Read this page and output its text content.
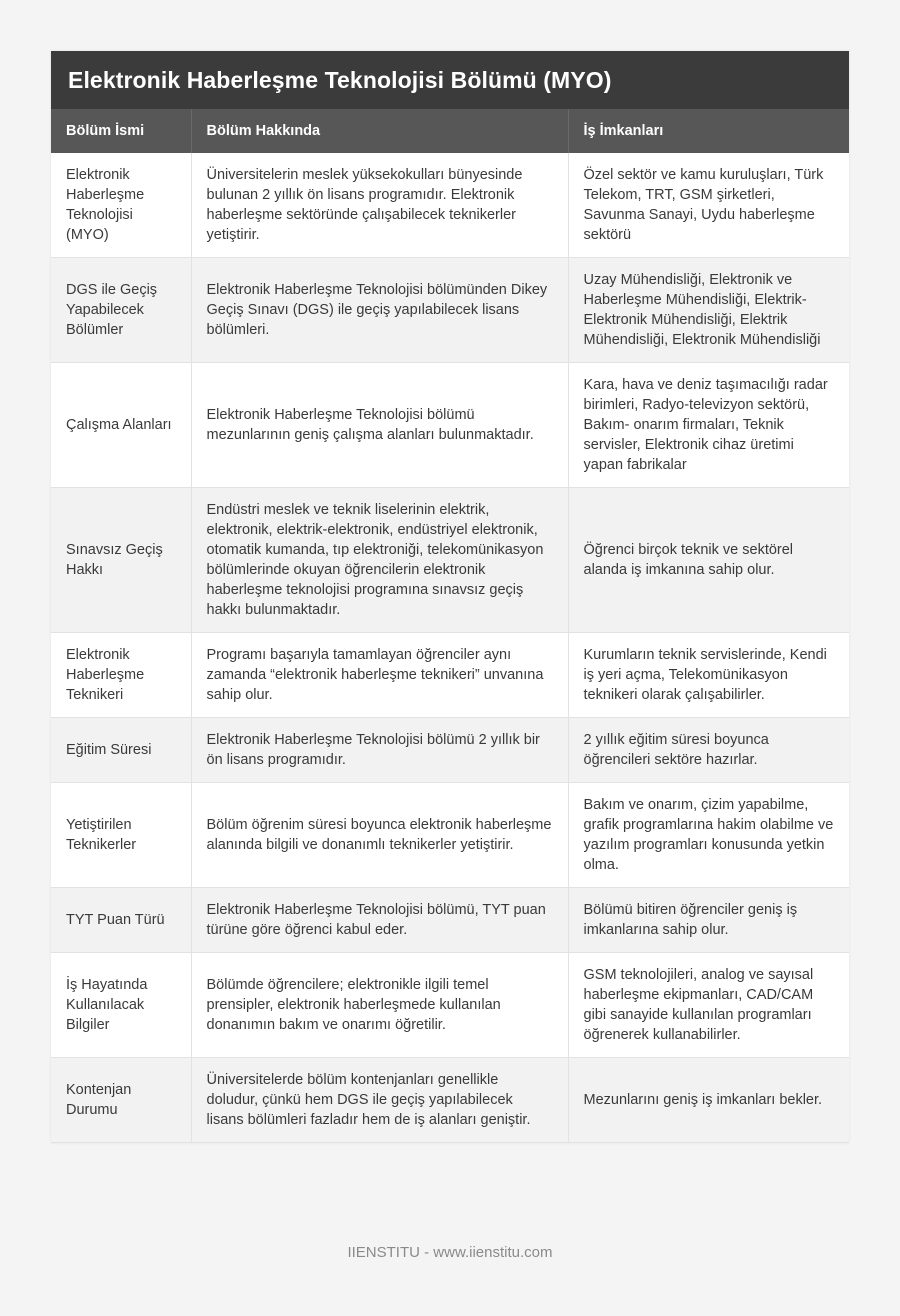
Elektronik Haberleşme Teknolojisi Bölümü (MYO)
Bölüm İsmi	Bölüm Hakkında	İş İmkanları
Elektronik Haberleşme Teknolojisi (MYO)	Üniversitelerin meslek yüksekokulları bünyesinde bulunan 2 yıllık ön lisans programıdır. Elektronik haberleşme sektöründe çalışabilecek teknikerler yetiştirir.	Özel sektör ve kamu kuruluşları, Türk Telekom, TRT, GSM şirketleri, Savunma Sanayi, Uydu haberleşme sektörü
DGS ile Geçiş Yapabilecek Bölümler	Elektronik Haberleşme Teknolojisi bölümünden Dikey Geçiş Sınavı (DGS) ile geçiş yapılabilecek lisans bölümleri.	Uzay Mühendisliği, Elektronik ve Haberleşme Mühendisliği, Elektrik-Elektronik Mühendisliği, Elektrik Mühendisliği, Elektronik Mühendisliği
Çalışma Alanları	Elektronik Haberleşme Teknolojisi bölümü mezunlarının geniş çalışma alanları bulunmaktadır.	Kara, hava ve deniz taşımacılığı radar birimleri, Radyo-televizyon sektörü, Bakım- onarım firmaları, Teknik servisler, Elektronik cihaz üretimi yapan fabrikalar
Sınavsız Geçiş Hakkı	Endüstri meslek ve teknik liselerinin elektrik, elektronik, elektrik-elektronik, endüstriyel elektronik, otomatik kumanda, tıp elektroniği, telekomünikasyon bölümlerinde okuyan öğrencilerin elektronik haberleşme teknolojisi programına sınavsız geçiş hakkı bulunmaktadır.	Öğrenci birçok teknik ve sektörel alanda iş imkanına sahip olur.
Elektronik Haberleşme Teknikeri	Programı başarıyla tamamlayan öğrenciler aynı zamanda “elektronik haberleşme teknikeri” unvanına sahip olur.	Kurumların teknik servislerinde, Kendi iş yeri açma, Telekomünikasyon teknikeri olarak çalışabilirler.
Eğitim Süresi	Elektronik Haberleşme Teknolojisi bölümü 2 yıllık bir ön lisans programıdır.	2 yıllık eğitim süresi boyunca öğrencileri sektöre hazırlar.
Yetiştirilen Teknikerler	Bölüm öğrenim süresi boyunca elektronik haberleşme alanında bilgili ve donanımlı teknikerler yetiştirir.	Bakım ve onarım, çizim yapabilme, grafik programlarına hakim olabilme ve yazılım programları konusunda yetkin olma.
TYT Puan Türü	Elektronik Haberleşme Teknolojisi bölümü, TYT puan türüne göre öğrenci kabul eder.	Bölümü bitiren öğrenciler geniş iş imkanlarına sahip olur.
İş Hayatında Kullanılacak Bilgiler	Bölümde öğrencilere; elektronikle ilgili temel prensipler, elektronik haberleşmede kullanılan donanımın bakım ve onarımı öğretilir.	GSM teknolojileri, analog ve sayısal haberleşme ekipmanları, CAD/CAM gibi sanayide kullanılan programları öğrenerek kullanabilirler.
Kontenjan Durumu	Üniversitelerde bölüm kontenjanları genellikle doludur, çünkü hem DGS ile geçiş yapılabilecek lisans bölümleri fazladır hem de iş alanları geniştir.	Mezunlarını geniş iş imkanları bekler.
IIENSTITU - www.iienstitu.com
